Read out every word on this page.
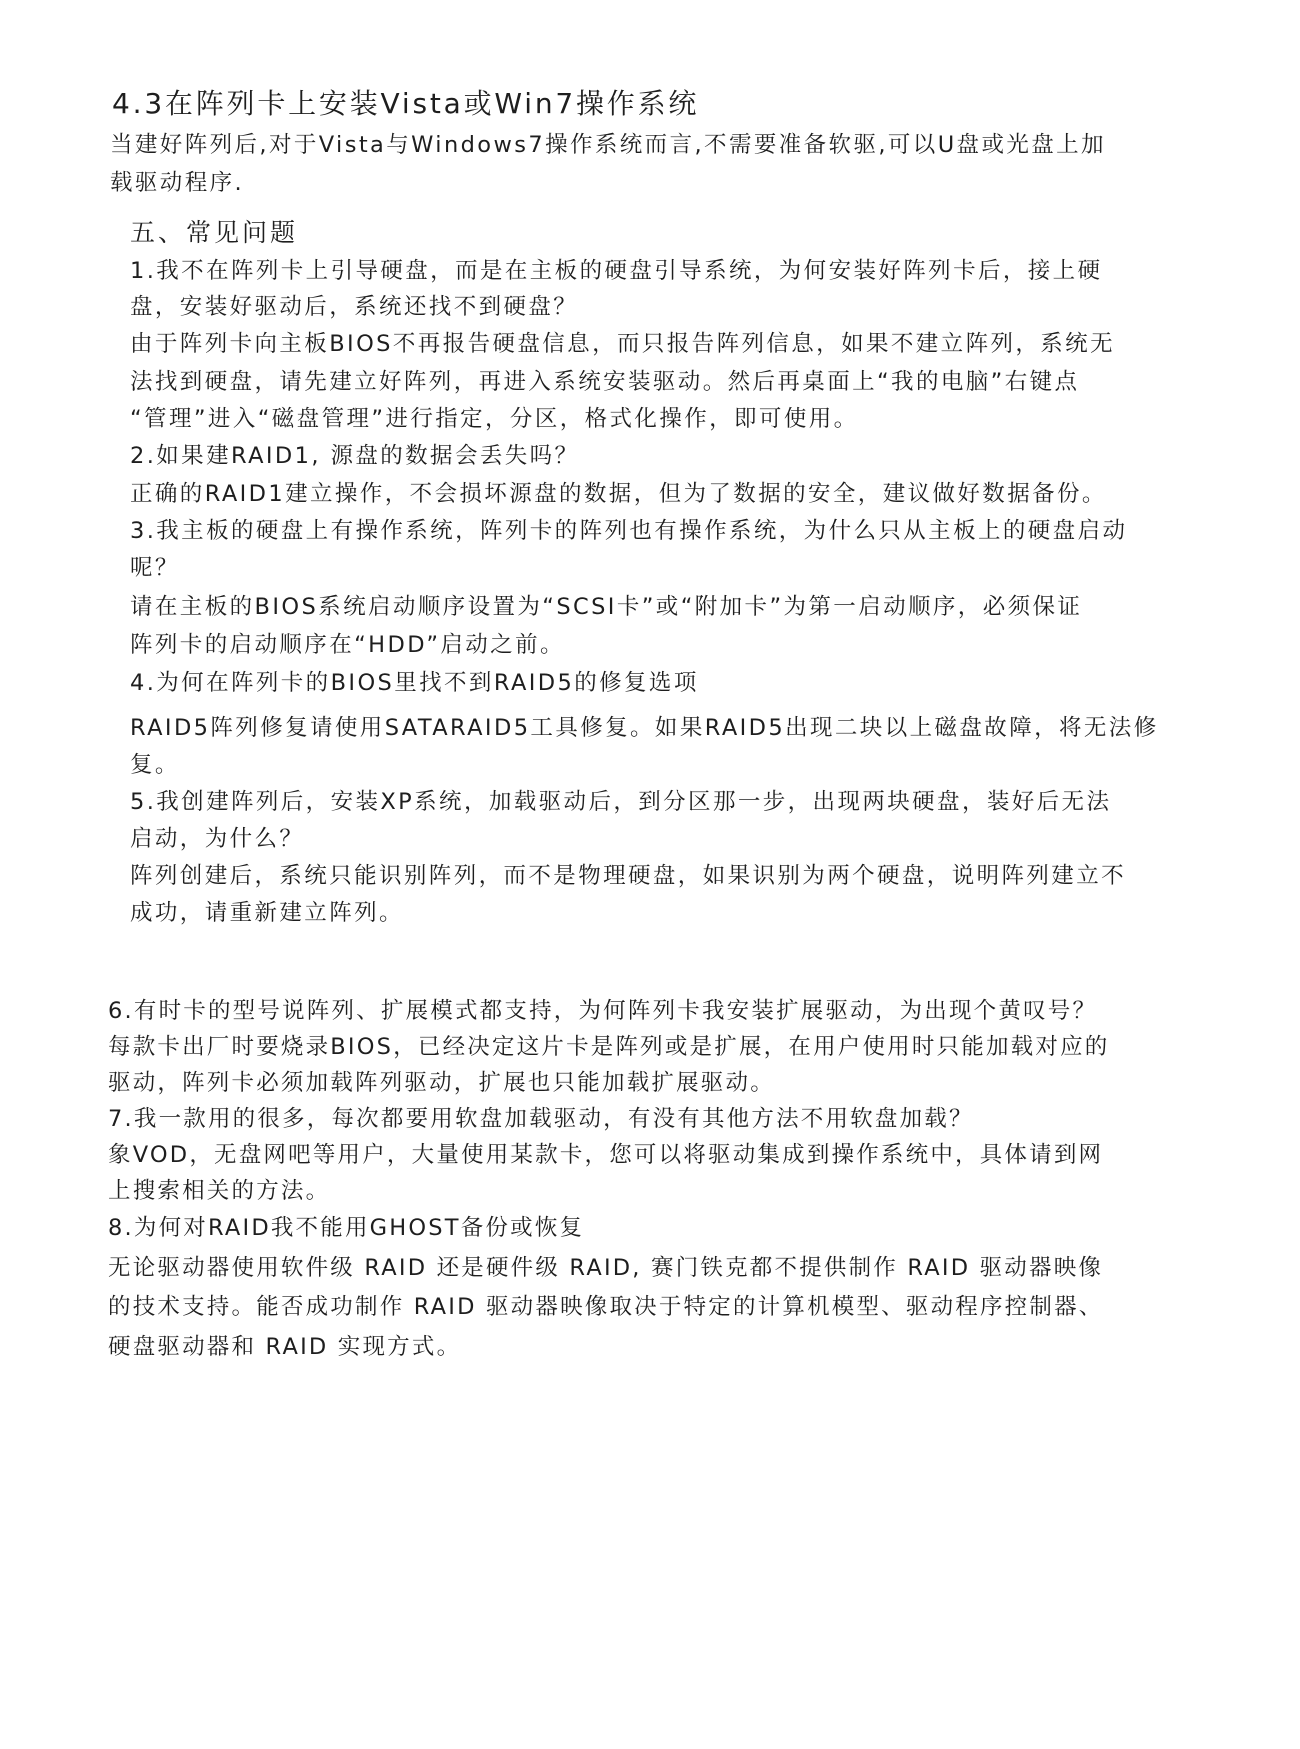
4.3在阵列卡上安装Vista或Win7操作系统
当建好阵列后,对于Vista与Windows7操作系统而言,不需要准备软驱,可以U盘或光盘上加
载驱动程序.
五、常见问题
1.我不在阵列卡上引导硬盘，而是在主板的硬盘引导系统，为何安装好阵列卡后，接上硬
盘，安装好驱动后，系统还找不到硬盘？
由于阵列卡向主板BIOS不再报告硬盘信息，而只报告阵列信息，如果不建立阵列，系统无
法找到硬盘，请先建立好阵列，再进入系统安装驱动。然后再桌面上“我的电脑”右键点
“管理”进入“磁盘管理”进行指定，分区，格式化操作，即可使用。
2.如果建RAID1, 源盘的数据会丢失吗？
正确的RAID1建立操作，不会损坏源盘的数据，但为了数据的安全，建议做好数据备份。
3.我主板的硬盘上有操作系统，阵列卡的阵列也有操作系统，为什么只从主板上的硬盘启动
呢？
请在主板的BIOS系统启动顺序设置为“SCSI卡”或“附加卡”为第一启动顺序，必须保证
阵列卡的启动顺序在“HDD”启动之前。
4.为何在阵列卡的BIOS里找不到RAID5的修复选项
RAID5阵列修复请使用SATARAID5工具修复。如果RAID5出现二块以上磁盘故障，将无法修
复。
5.我创建阵列后，安装XP系统，加载驱动后，到分区那一步，出现两块硬盘，装好后无法
启动，为什么？
阵列创建后，系统只能识别阵列，而不是物理硬盘，如果识别为两个硬盘，说明阵列建立不
成功，请重新建立阵列。
6.有时卡的型号说阵列、扩展模式都支持，为何阵列卡我安装扩展驱动，为出现个黄叹号？
每款卡出厂时要烧录BIOS，已经决定这片卡是阵列或是扩展，在用户使用时只能加载对应的
驱动，阵列卡必须加载阵列驱动，扩展也只能加载扩展驱动。
7.我一款用的很多，每次都要用软盘加载驱动，有没有其他方法不用软盘加载？
象VOD，无盘网吧等用户，大量使用某款卡，您可以将驱动集成到操作系统中，具体请到网
上搜索相关的方法。
8.为何对RAID我不能用GHOST备份或恢复
无论驱动器使用软件级 RAID 还是硬件级 RAID, 赛门铁克都不提供制作 RAID 驱动器映像
的技术支持。能否成功制作 RAID 驱动器映像取决于特定的计算机模型、驱动程序控制器、
硬盘驱动器和 RAID 实现方式。
